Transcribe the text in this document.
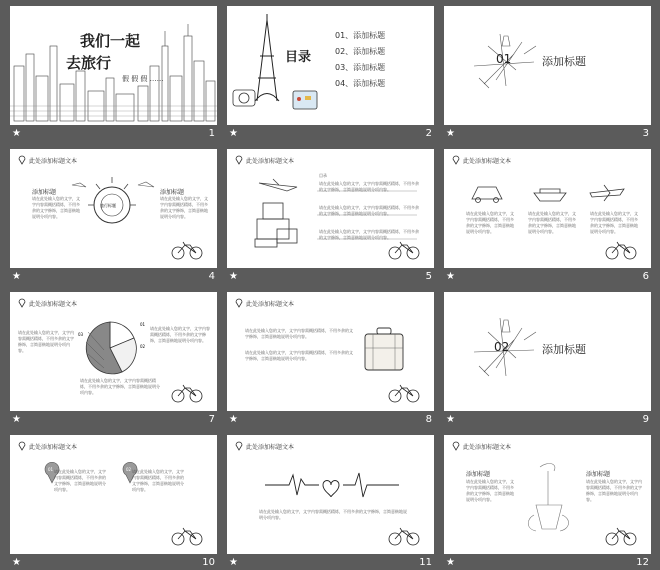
我们一起
去旅行
假 假 假 ……
★	1
目录
01、添加标题
02、添加标题
03、添加标题
04、添加标题
★	2
01	添加标题
★	3
此处添加标题文本
添加标题
请在此处输入您的文字，文字内容需概括精炼，不用多余的文字修饰，言简意赅地说明分项内容。
旅行标题
添加标题
请在此处输入您的文字，文字内容需概括精炼，不用多余的文字修饰，言简意赅地说明分项内容。
★	4
此处添加标题文本
目录
请在此处输入您的文字，文字内容需概括精炼，不用多余的文字修饰，言简意赅地说明分项内容。
请在此处输入您的文字，文字内容需概括精炼，不用多余的文字修饰，言简意赅地说明分项内容。
请在此处输入您的文字，文字内容需概括精炼，不用多余的文字修饰，言简意赅地说明分项内容。
★	5
此处添加标题文本
请在此处输入您的文字，文字内容需概括精炼，不用多余的文字修饰，言简意赅地说明分项内容。
请在此处输入您的文字，文字内容需概括精炼，不用多余的文字修饰，言简意赅地说明分项内容。
请在此处输入您的文字，文字内容需概括精炼，不用多余的文字修饰，言简意赅地说明分项内容。
★	6
此处添加标题文本
01
02
03
请在此处输入您的文字，文字内容需概括精炼，不用多余的文字修饰，言简意赅地说明分项内容。
请在此处输入您的文字，文字内容需概括精炼，不用多余的文字修饰，言简意赅地说明分项内容。
请在此处输入您的文字，文字内容需概括精炼，不用多余的文字修饰，言简意赅地说明分项内容。
★	7
此处添加标题文本
请在此处输入您的文字，文字内容需概括精炼，不用多余的文字修饰，言简意赅地说明分项内容。
请在此处输入您的文字，文字内容需概括精炼，不用多余的文字修饰，言简意赅地说明分项内容。
★	8
02	添加标题
★	9
此处添加标题文本
01	02
请在此处输入您的文字，文字内容需概括精炼，不用多余的文字修饰，言简意赅地说明分项内容。
请在此处输入您的文字，文字内容需概括精炼，不用多余的文字修饰，言简意赅地说明分项内容。
★	10
此处添加标题文本
请在此处输入您的文字，文字内容需概括精炼，不用多余的文字修饰，言简意赅地说明分项内容。
★	11
此处添加标题文本
添加标题
请在此处输入您的文字，文字内容需概括精炼，不用多余的文字修饰，言简意赅地说明分项内容。
添加标题
请在此处输入您的文字，文字内容需概括精炼，不用多余的文字修饰，言简意赅地说明分项内容。
★	12
